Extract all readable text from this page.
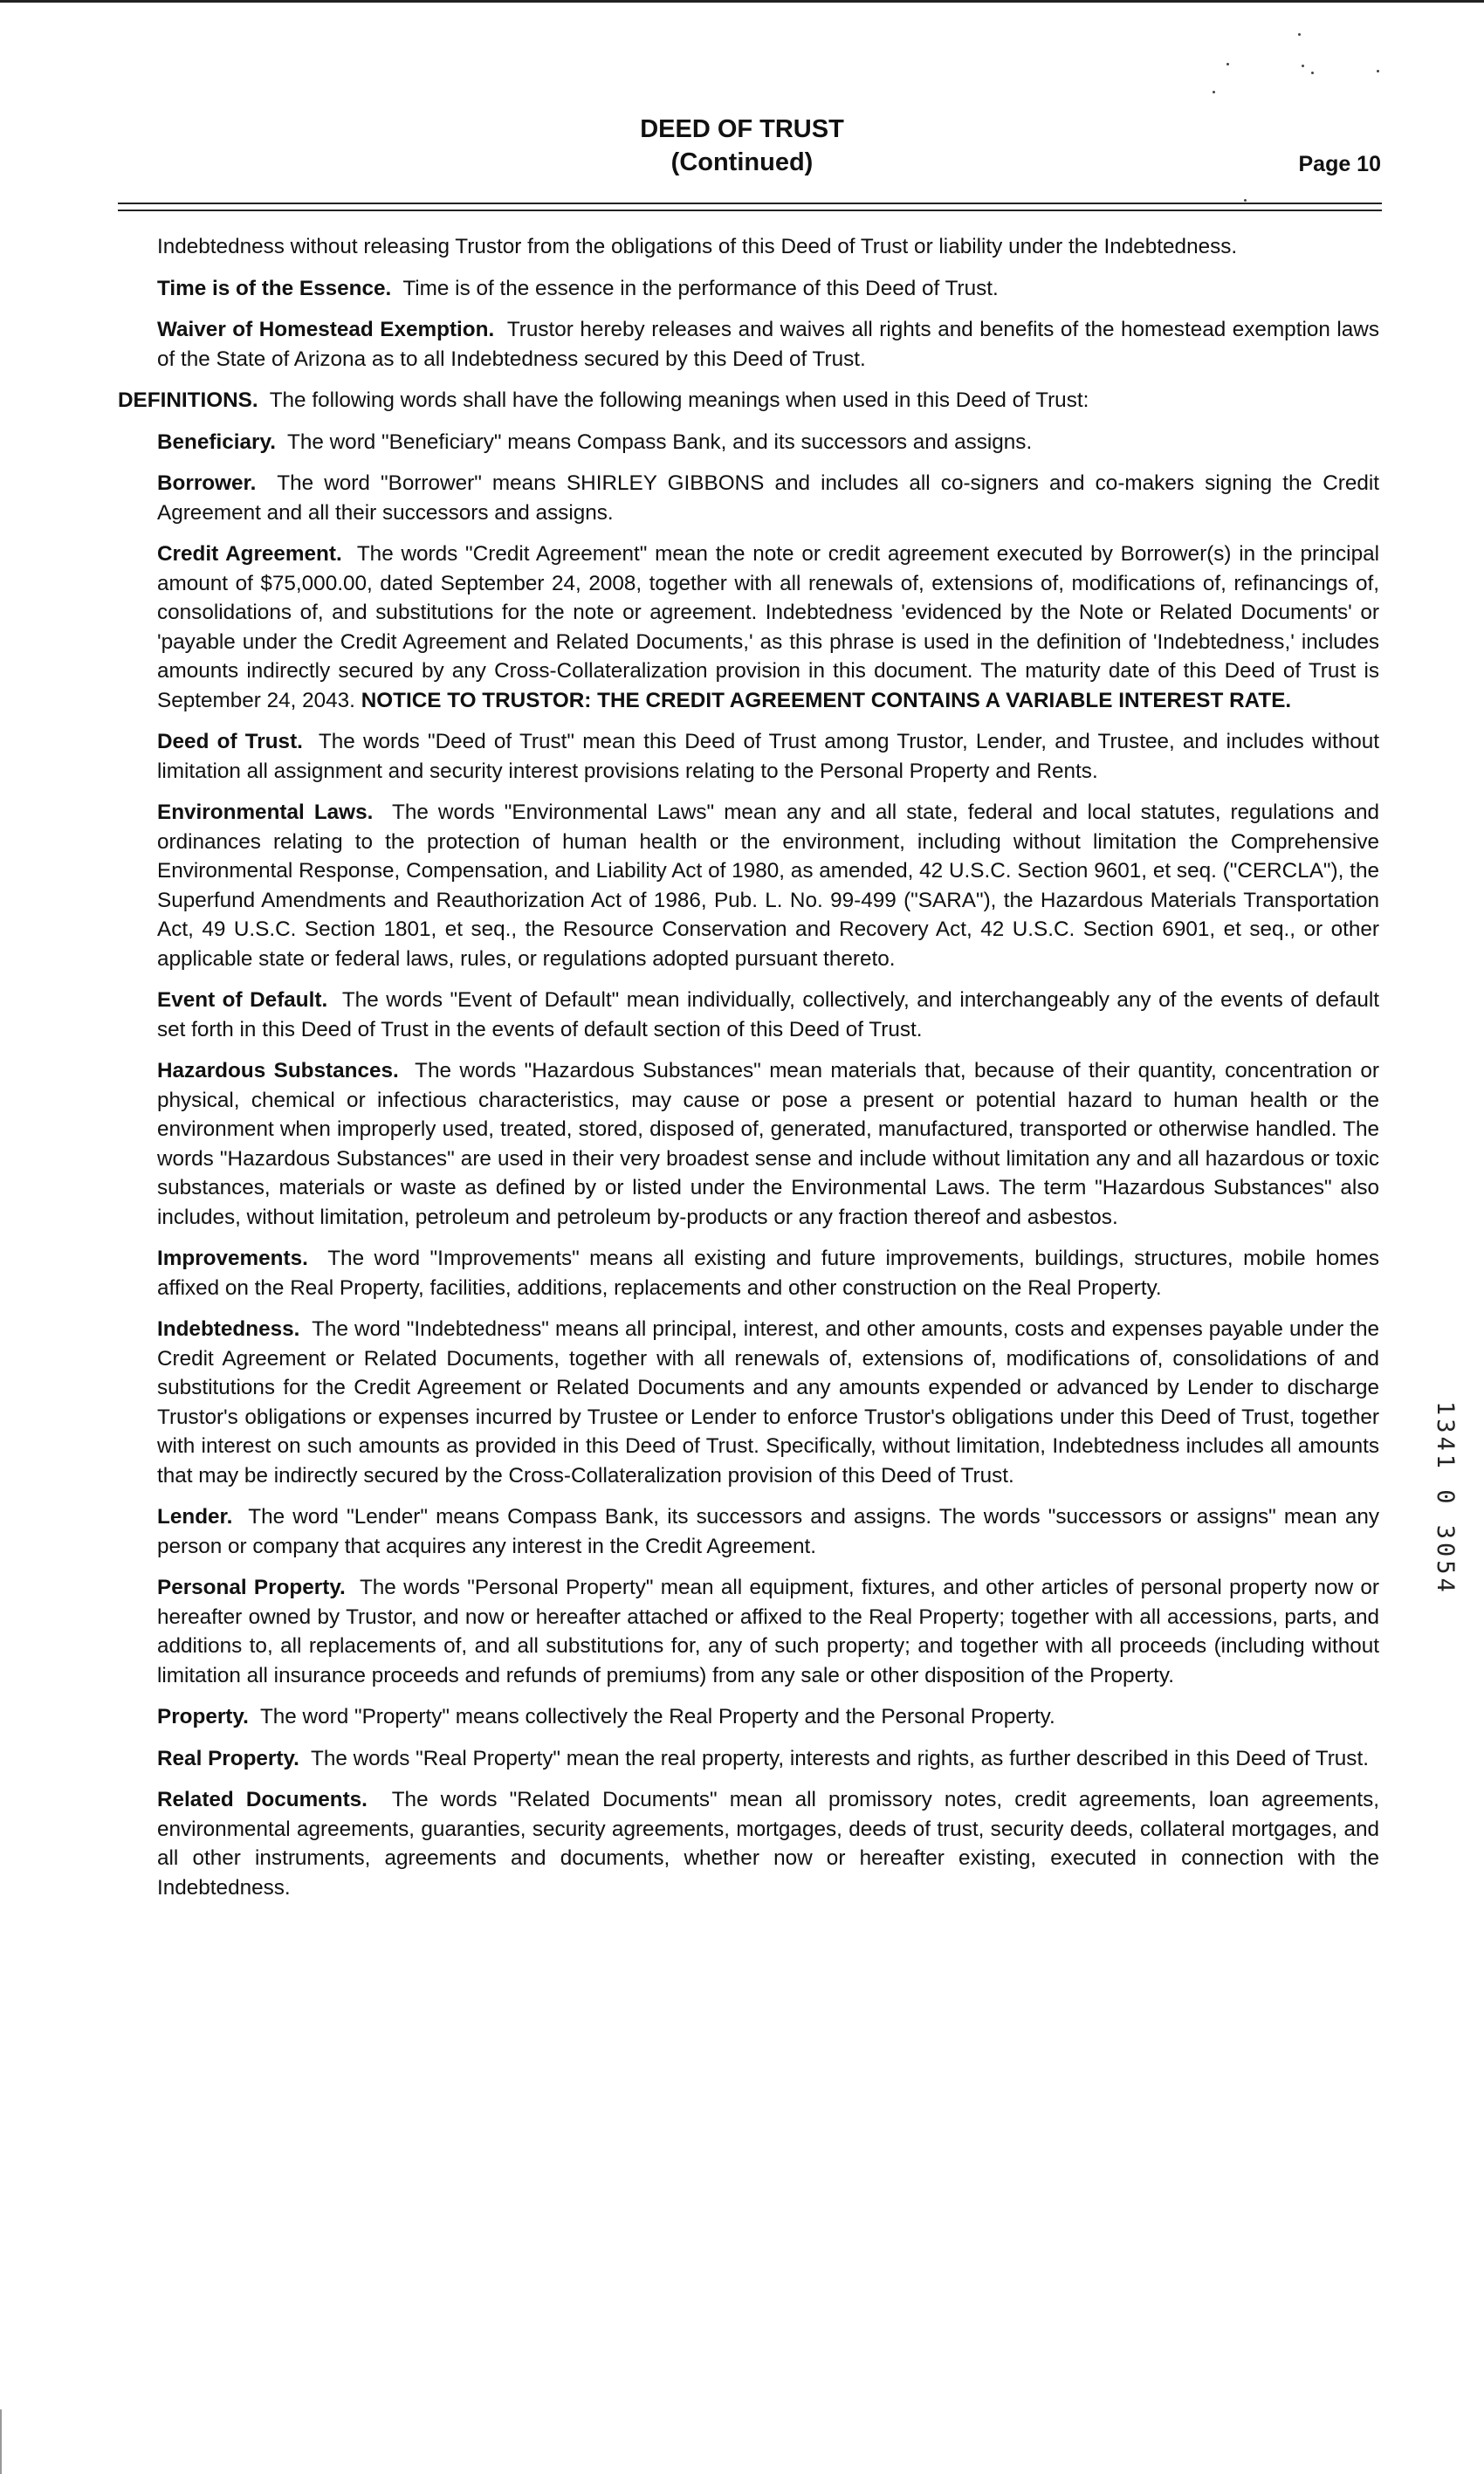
DEED OF TRUST
(Continued)	Page 10

Indebtedness without releasing Trustor from the obligations of this Deed of Trust or liability under the Indebtedness.

Time is of the Essence. Time is of the essence in the performance of this Deed of Trust.

Waiver of Homestead Exemption. Trustor hereby releases and waives all rights and benefits of the homestead exemption laws of the State of Arizona as to all Indebtedness secured by this Deed of Trust.

DEFINITIONS. The following words shall have the following meanings when used in this Deed of Trust:

Beneficiary. The word "Beneficiary" means Compass Bank, and its successors and assigns.

Borrower. The word "Borrower" means SHIRLEY GIBBONS and includes all co-signers and co-makers signing the Credit Agreement and all their successors and assigns.

Credit Agreement. The words "Credit Agreement" mean the note or credit agreement executed by Borrower(s) in the principal amount of $75,000.00, dated September 24, 2008, together with all renewals of, extensions of, modifications of, refinancings of, consolidations of, and substitutions for the note or agreement. Indebtedness 'evidenced by the Note or Related Documents' or 'payable under the Credit Agreement and Related Documents,' as this phrase is used in the definition of 'Indebtedness,' includes amounts indirectly secured by any Cross-Collateralization provision in this document. The maturity date of this Deed of Trust is September 24, 2043. NOTICE TO TRUSTOR: THE CREDIT AGREEMENT CONTAINS A VARIABLE INTEREST RATE.

Deed of Trust. The words "Deed of Trust" mean this Deed of Trust among Trustor, Lender, and Trustee, and includes without limitation all assignment and security interest provisions relating to the Personal Property and Rents.

Environmental Laws. The words "Environmental Laws" mean any and all state, federal and local statutes, regulations and ordinances relating to the protection of human health or the environment, including without limitation the Comprehensive Environmental Response, Compensation, and Liability Act of 1980, as amended, 42 U.S.C. Section 9601, et seq. ("CERCLA"), the Superfund Amendments and Reauthorization Act of 1986, Pub. L. No. 99-499 ("SARA"), the Hazardous Materials Transportation Act, 49 U.S.C. Section 1801, et seq., the Resource Conservation and Recovery Act, 42 U.S.C. Section 6901, et seq., or other applicable state or federal laws, rules, or regulations adopted pursuant thereto.

Event of Default. The words "Event of Default" mean individually, collectively, and interchangeably any of the events of default set forth in this Deed of Trust in the events of default section of this Deed of Trust.

Hazardous Substances. The words "Hazardous Substances" mean materials that, because of their quantity, concentration or physical, chemical or infectious characteristics, may cause or pose a present or potential hazard to human health or the environment when improperly used, treated, stored, disposed of, generated, manufactured, transported or otherwise handled. The words "Hazardous Substances" are used in their very broadest sense and include without limitation any and all hazardous or toxic substances, materials or waste as defined by or listed under the Environmental Laws. The term "Hazardous Substances" also includes, without limitation, petroleum and petroleum by-products or any fraction thereof and asbestos.

Improvements. The word "Improvements" means all existing and future improvements, buildings, structures, mobile homes affixed on the Real Property, facilities, additions, replacements and other construction on the Real Property.

Indebtedness. The word "Indebtedness" means all principal, interest, and other amounts, costs and expenses payable under the Credit Agreement or Related Documents, together with all renewals of, extensions of, modifications of, consolidations of and substitutions for the Credit Agreement or Related Documents and any amounts expended or advanced by Lender to discharge Trustor's obligations or expenses incurred by Trustee or Lender to enforce Trustor's obligations under this Deed of Trust, together with interest on such amounts as provided in this Deed of Trust. Specifically, without limitation, Indebtedness includes all amounts that may be indirectly secured by the Cross-Collateralization provision of this Deed of Trust.

Lender. The word "Lender" means Compass Bank, its successors and assigns. The words "successors or assigns" mean any person or company that acquires any interest in the Credit Agreement.

Personal Property. The words "Personal Property" mean all equipment, fixtures, and other articles of personal property now or hereafter owned by Trustor, and now or hereafter attached or affixed to the Real Property; together with all accessions, parts, and additions to, all replacements of, and all substitutions for, any of such property; and together with all proceeds (including without limitation all insurance proceeds and refunds of premiums) from any sale or other disposition of the Property.

Property. The word "Property" means collectively the Real Property and the Personal Property.

Real Property. The words "Real Property" mean the real property, interests and rights, as further described in this Deed of Trust.

Related Documents. The words "Related Documents" mean all promissory notes, credit agreements, loan agreements, environmental agreements, guaranties, security agreements, mortgages, deeds of trust, security deeds, collateral mortgages, and all other instruments, agreements and documents, whether now or hereafter existing, executed in connection with the Indebtedness.

1341 0 3054
